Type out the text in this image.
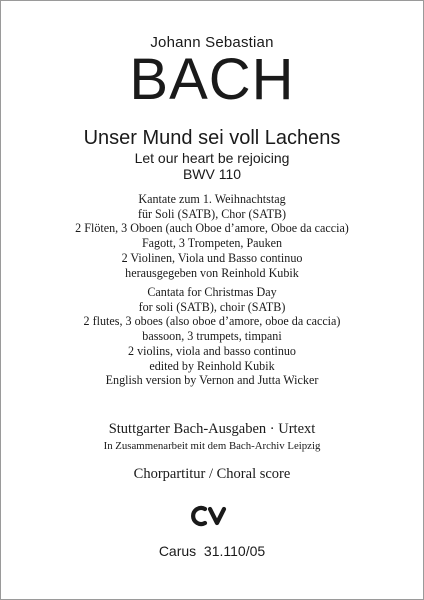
Johann Sebastian
BACH
Unser Mund sei voll Lachens
Let our heart be rejoicing
BWV 110
Kantate zum 1. Weihnachtstag
für Soli (SATB), Chor (SATB)
2 Flöten, 3 Oboen (auch Oboe d’amore, Oboe da caccia)
Fagott, 3 Trompeten, Pauken
2 Violinen, Viola und Basso continuo
herausgegeben von Reinhold Kubik
Cantata for Christmas Day
for soli (SATB), choir (SATB)
2 flutes, 3 oboes (also oboe d’amore, oboe da caccia)
bassoon, 3 trumpets, timpani
2 violins, viola and basso continuo
edited by Reinhold Kubik
English version by Vernon and Jutta Wicker
Stuttgarter Bach-Ausgaben · Urtext
In Zusammenarbeit mit dem Bach-Archiv Leipzig
Chorpartitur / Choral score
Carus  31.110/05
